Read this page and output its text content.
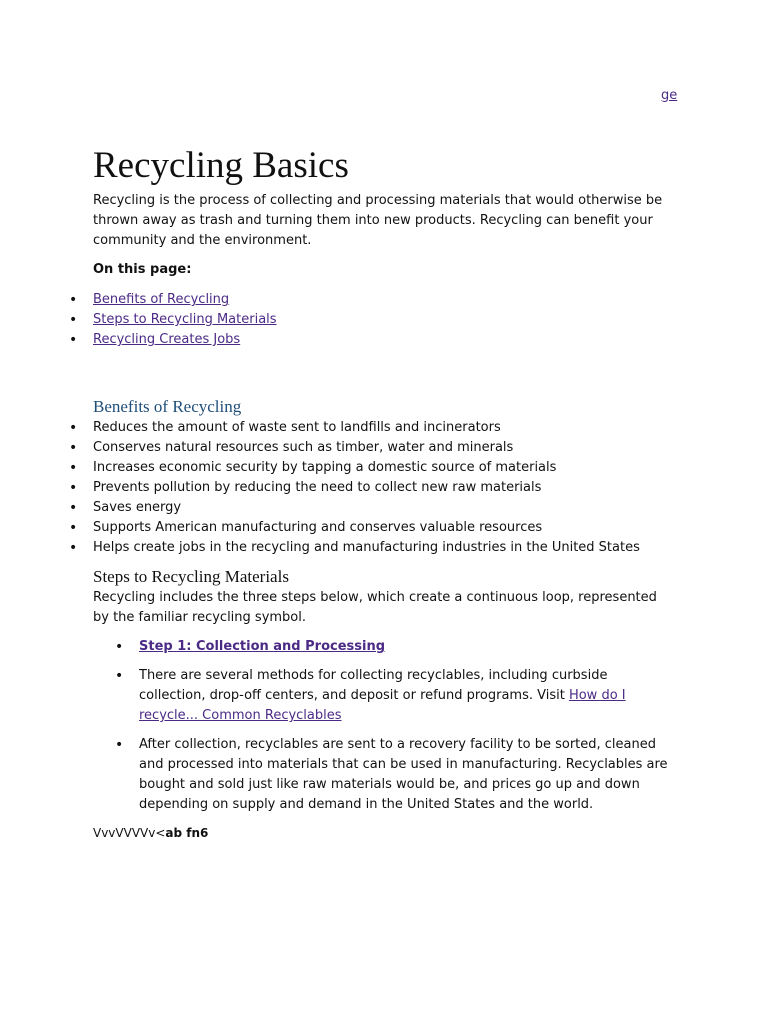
ge
Recycling Basics

Recycling is the process of collecting and processing materials that would otherwise be thrown away as trash and turning them into new products. Recycling can benefit your community and the environment.

On this page:

• Benefits of Recycling
• Steps to Recycling Materials
• Recycling Creates Jobs
Benefits of Recycling
• Reduces the amount of waste sent to landfills and incinerators
• Conserves natural resources such as timber, water and minerals
• Increases economic security by tapping a domestic source of materials
• Prevents pollution by reducing the need to collect new raw materials
• Saves energy
• Supports American manufacturing and conserves valuable resources
• Helps create jobs in the recycling and manufacturing industries in the United States
Steps to Recycling Materials

Recycling includes the three steps below, which create a continuous loop, represented by the familiar recycling symbol.

• Step 1: Collection and Processing
• There are several methods for collecting recyclables, including curbside collection, drop-off centers, and deposit or refund programs. Visit How do I recycle... Common Recyclables
• After collection, recyclables are sent to a recovery facility to be sorted, cleaned and processed into materials that can be used in manufacturing. Recyclables are bought and sold just like raw materials would be, and prices go up and down depending on supply and demand in the United States and the world.

VvvVVVVv<ab fn6
